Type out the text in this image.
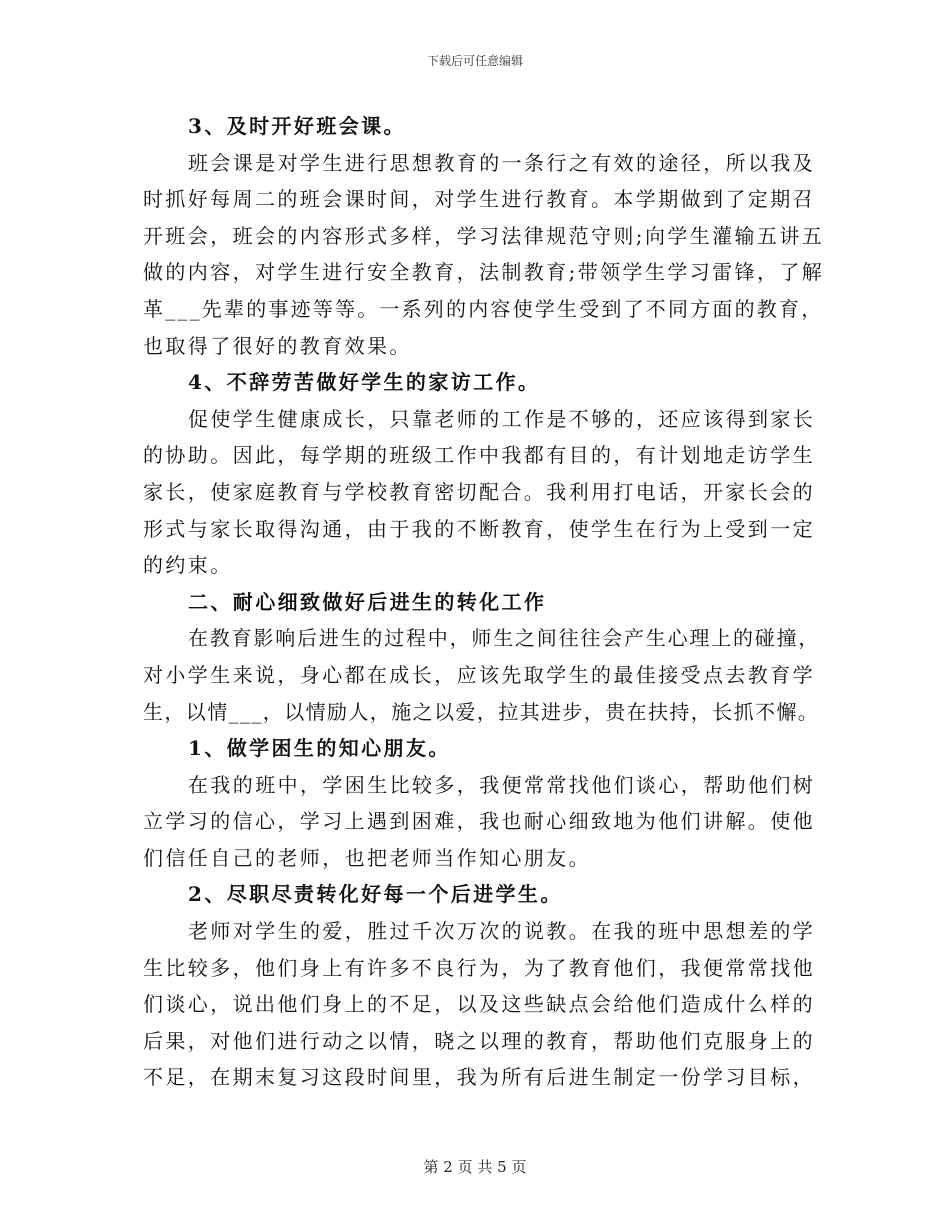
下载后可任意编辑
3、及时开好班会课。
班会课是对学生进行思想教育的一条行之有效的途径，所以我及
时抓好每周二的班会课时间，对学生进行教育。本学期做到了定期召
开班会，班会的内容形式多样，学习法律规范守则;向学生灌输五讲五
做的内容，对学生进行安全教育，法制教育;带领学生学习雷锋，了解
革___先辈的事迹等等。一系列的内容使学生受到了不同方面的教育，
也取得了很好的教育效果。
4、不辞劳苦做好学生的家访工作。
促使学生健康成长，只靠老师的工作是不够的，还应该得到家长
的协助。因此，每学期的班级工作中我都有目的，有计划地走访学生
家长，使家庭教育与学校教育密切配合。我利用打电话，开家长会的
形式与家长取得沟通，由于我的不断教育，使学生在行为上受到一定
的约束。
二、耐心细致做好后进生的转化工作
在教育影响后进生的过程中，师生之间往往会产生心理上的碰撞，
对小学生来说，身心都在成长，应该先取学生的最佳接受点去教育学
生，以情___，以情励人，施之以爱，拉其进步，贵在扶持，长抓不懈。
1、做学困生的知心朋友。
在我的班中，学困生比较多，我便常常找他们谈心，帮助他们树
立学习的信心，学习上遇到困难，我也耐心细致地为他们讲解。使他
们信任自己的老师，也把老师当作知心朋友。
2、尽职尽责转化好每一个后进学生。
老师对学生的爱，胜过千次万次的说教。在我的班中思想差的学
生比较多，他们身上有许多不良行为，为了教育他们，我便常常找他
们谈心，说出他们身上的不足，以及这些缺点会给他们造成什么样的
后果，对他们进行动之以情，晓之以理的教育，帮助他们克服身上的
不足，在期末复习这段时间里，我为所有后进生制定一份学习目标，
第 2 页 共 5 页
